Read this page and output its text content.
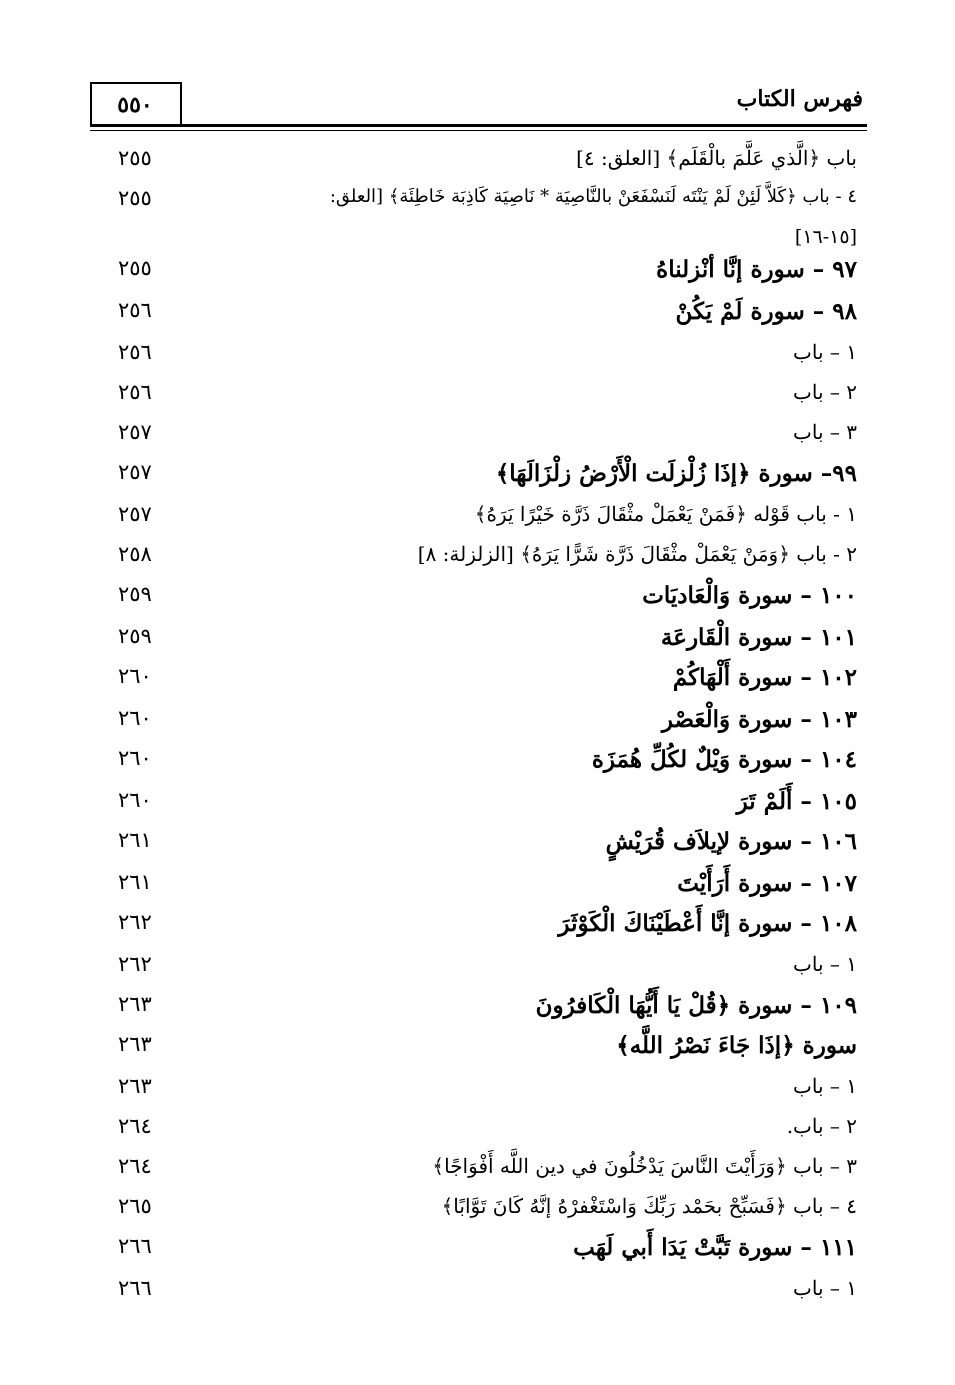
٥٥٠	فهرس الكتاب
باب ﴿الَّذي عَلَّمَ بالْقَلَم﴾ [العلق: ٤]
٢٥٥
٤ - باب ﴿كَلاَّ لَئِنْ لَمْ يَنْتَه لَنَسْفَعَنْ بالنَّاصِيَة * نَاصِيَة كَاذِبَة خَاطِئَة﴾ [العلق:
٢٥٥
[١٥-١٦]
٩٧ – سورة إنَّا أنْزلناهُ
٢٥٥
٩٨ – سورة لَمْ يَكُنْ
٢٥٦
١ – باب
٢٥٦
٢ – باب
٢٥٦
٣ – باب
٢٥٧
٩٩– سورة ﴿إذَا زُلْزلَت الْأَرْضُ زلْزَالَهَا﴾
٢٥٧
١ - باب قَوْله ﴿فَمَنْ يَعْمَلْ مثْقَالَ ذَرَّة خَيْرًا يَرَهُ﴾
٢٥٧
٢ - باب ﴿وَمَنْ يَعْمَلْ مثْقَالَ ذَرَّة شَرًّا يَرَهُ﴾ [الزلزلة: ٨]
٢٥٨
١٠٠ – سورة وَالْعَاديَات
٢٥٩
١٠١ – سورة الْقَارعَة
٢٥٩
١٠٢ – سورة أَلْهَاكُمْ
٢٦٠
١٠٣ – سورة وَالْعَصْر
٢٦٠
١٠٤ – سورة وَيْلٌ لكُلِّ هُمَزَة
٢٦٠
١٠٥ – أَلَمْ تَرَ
٢٦٠
١٠٦ – سورة لإيلاَف قُرَيْشٍ
٢٦١
١٠٧ – سورة أَرَأَيْتَ
٢٦١
١٠٨ – سورة إنَّا أَعْطَيْنَاكَ الْكَوْثَرَ
٢٦٢
١ – باب
٢٦٢
١٠٩ – سورة ﴿قُلْ يَا أَيُّهَا الْكَافرُونَ
٢٦٣
سورة ﴿إذَا جَاءَ نَصْرُ اللَّه﴾
٢٦٣
١ – باب
٢٦٣
٢ – باب.
٢٦٤
٣ – باب ﴿وَرَأَيْتَ النَّاسَ يَدْخُلُونَ في دين اللَّه أَفْوَاجًا﴾
٢٦٤
٤ – باب ﴿فَسَبِّحْ بحَمْد رَبِّكَ وَاسْتَغْفرْهُ إنَّهُ كَانَ تَوَّابًا﴾
٢٦٥
١١١ – سورة تَبَّتْ يَدَا أَبي لَهَب
٢٦٦
١ – باب
٢٦٦
